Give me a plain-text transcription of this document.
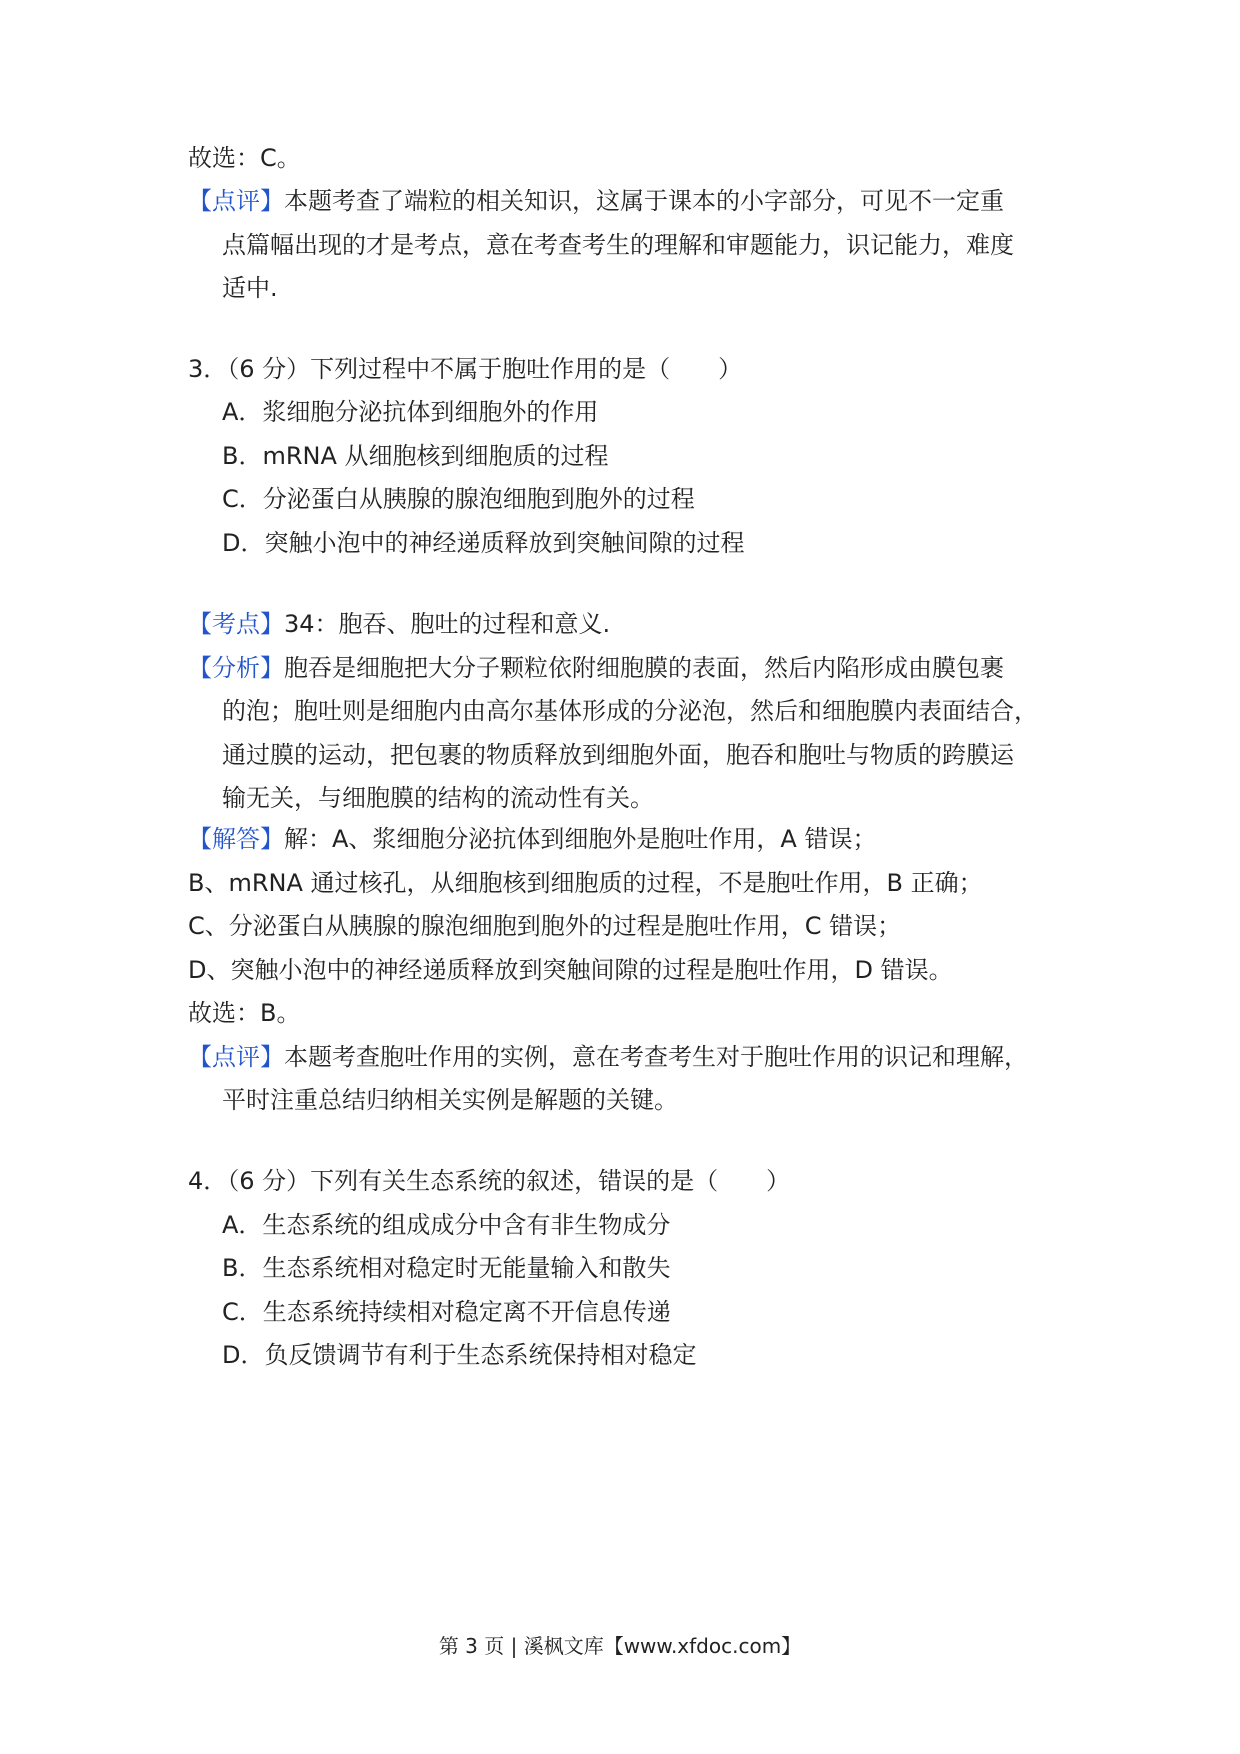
故选：C。
【点评】本题考查了端粒的相关知识，这属于课本的小字部分，可见不一定重
点篇幅出现的才是考点，意在考查考生的理解和审题能力，识记能力，难度
适中.
3．（6 分）下列过程中不属于胞吐作用的是（　　）
A．浆细胞分泌抗体到细胞外的作用
B．mRNA 从细胞核到细胞质的过程
C．分泌蛋白从胰腺的腺泡细胞到胞外的过程
D．突触小泡中的神经递质释放到突触间隙的过程
【考点】34：胞吞、胞吐的过程和意义.
【分析】胞吞是细胞把大分子颗粒依附细胞膜的表面，然后内陷形成由膜包裹
的泡；胞吐则是细胞内由高尔基体形成的分泌泡，然后和细胞膜内表面结合，
通过膜的运动，把包裹的物质释放到细胞外面，胞吞和胞吐与物质的跨膜运
输无关，与细胞膜的结构的流动性有关。
【解答】解：A、浆细胞分泌抗体到细胞外是胞吐作用，A 错误；
B、mRNA 通过核孔，从细胞核到细胞质的过程，不是胞吐作用，B 正确；
C、分泌蛋白从胰腺的腺泡细胞到胞外的过程是胞吐作用，C 错误；
D、突触小泡中的神经递质释放到突触间隙的过程是胞吐作用，D 错误。
故选：B。
【点评】本题考查胞吐作用的实例，意在考查考生对于胞吐作用的识记和理解，
平时注重总结归纳相关实例是解题的关键。
4．（6 分）下列有关生态系统的叙述，错误的是（　　）
A．生态系统的组成成分中含有非生物成分
B．生态系统相对稳定时无能量输入和散失
C．生态系统持续相对稳定离不开信息传递
D．负反馈调节有利于生态系统保持相对稳定
第 3 页 | 溪枫文库【www.xfdoc.com】
